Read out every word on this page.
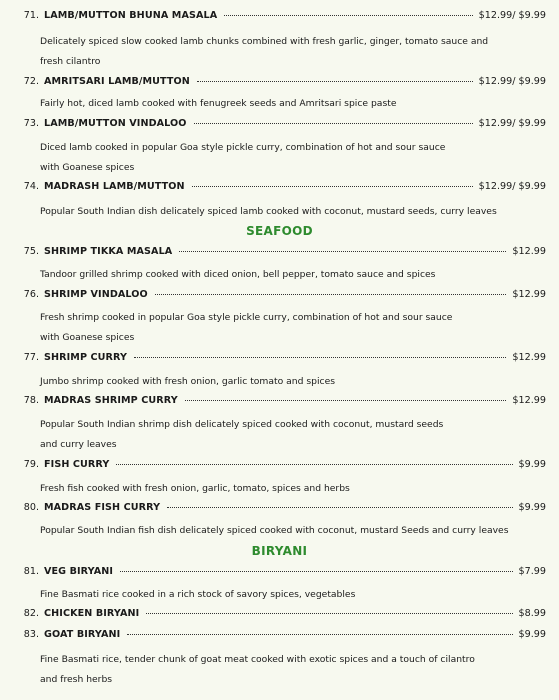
71. LAMB/MUTTON BHUNA MASALA	$12.99/ $9.99
Delicately spiced slow cooked lamb chunks combined with fresh garlic, ginger, tomato sauce and
fresh cilantro
72. AMRITSARI LAMB/MUTTON	$12.99/ $9.99
Fairly hot, diced lamb cooked with fenugreek seeds and Amritsari spice paste
73. LAMB/MUTTON VINDALOO	$12.99/ $9.99
Diced lamb cooked in popular Goa style pickle curry, combination of hot and sour sauce
with Goanese spices
74. MADRASH LAMB/MUTTON	$12.99/ $9.99
Popular South Indian dish delicately spiced lamb cooked with coconut, mustard seeds, curry leaves
SEAFOOD
75. SHRIMP TIKKA MASALA	$12.99
Tandoor grilled shrimp cooked with diced onion, bell pepper, tomato sauce and spices
76. SHRIMP VINDALOO	$12.99
Fresh shrimp cooked in popular Goa style pickle curry, combination of hot and sour sauce
with Goanese spices
77. SHRIMP CURRY	$12.99
Jumbo shrimp cooked with fresh onion, garlic tomato and spices
78. MADRAS SHRIMP CURRY	$12.99
Popular South Indian shrimp dish delicately spiced cooked with coconut, mustard seeds
and curry leaves
79. FISH CURRY	$9.99
Fresh fish cooked with fresh onion, garlic, tomato, spices and herbs
80. MADRAS FISH CURRY	$9.99
Popular South Indian fish dish delicately spiced cooked with coconut, mustard Seeds and curry leaves
BIRYANI
81. VEG BIRYANI	$7.99
Fine Basmati rice cooked in a rich stock of savory spices, vegetables
82. CHICKEN BIRYANI	$8.99
83. GOAT BIRYANI	$9.99
Fine Basmati rice, tender chunk of goat meat cooked with exotic spices and a touch of cilantro
and fresh herbs
